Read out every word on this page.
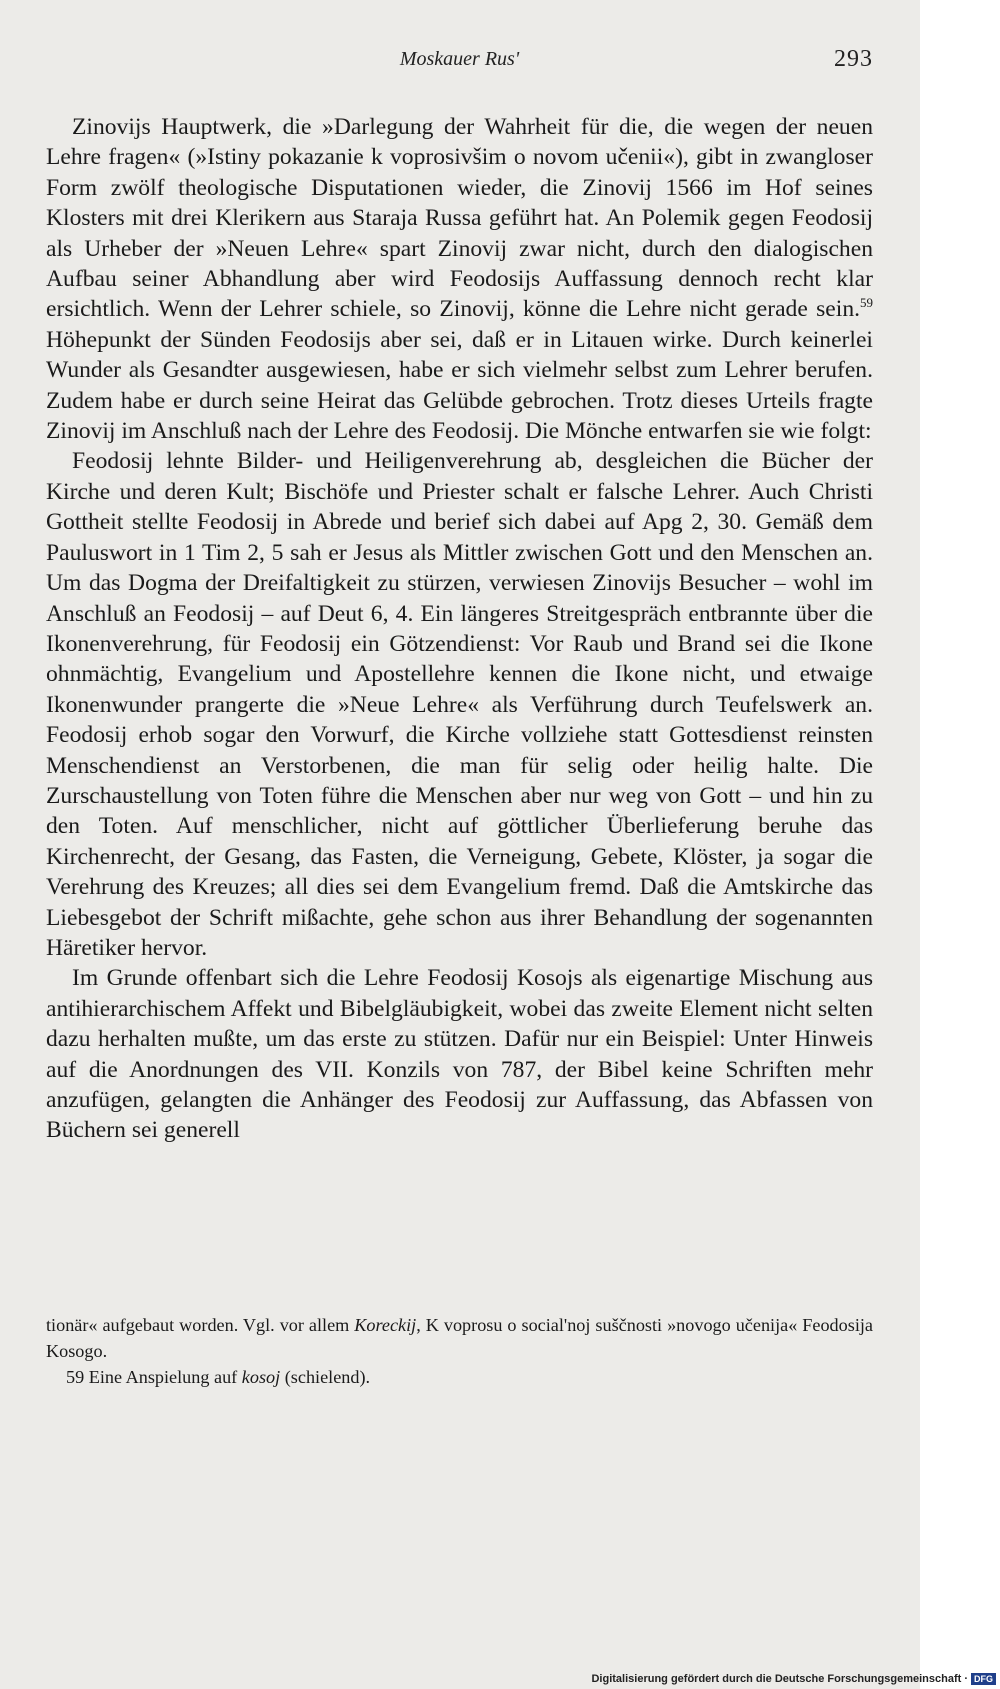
Moskauer Rus'	293

Zinovijs Hauptwerk, die »Darlegung der Wahrheit für die, die wegen der neuen Lehre fragen« (»Istiny pokazanie k voprosivšim o novom učenii«), gibt in zwangloser Form zwölf theologische Disputationen wieder, die Zinovij 1566 im Hof seines Klosters mit drei Klerikern aus Staraja Russa geführt hat. An Polemik gegen Feodosij als Urheber der »Neuen Lehre« spart Zinovij zwar nicht, durch den dialogischen Aufbau seiner Abhandlung aber wird Feodosijs Auffassung dennoch recht klar ersichtlich. Wenn der Lehrer schiele, so Zinovij, könne die Lehre nicht gerade sein.$^{59}$ Höhepunkt der Sünden Feodosijs aber sei, daß er in Litauen wirke. Durch keinerlei Wunder als Gesandter ausgewiesen, habe er sich vielmehr selbst zum Lehrer berufen. Zudem habe er durch seine Heirat das Gelübde gebrochen. Trotz dieses Urteils fragte Zinovij im Anschluß nach der Lehre des Feodosij. Die Mönche entwarfen sie wie folgt:

Feodosij lehnte Bilder- und Heiligenverehrung ab, desgleichen die Bücher der Kirche und deren Kult; Bischöfe und Priester schalt er falsche Lehrer. Auch Christi Gottheit stellte Feodosij in Abrede und berief sich dabei auf Apg 2, 30. Gemäß dem Pauluswort in 1 Tim 2, 5 sah er Jesus als Mittler zwischen Gott und den Menschen an. Um das Dogma der Dreifaltigkeit zu stürzen, verwiesen Zinovijs Besucher – wohl im Anschluß an Feodosij – auf Deut 6, 4. Ein längeres Streitgespräch entbrannte über die Ikonenverehrung, für Feodosij ein Götzendienst: Vor Raub und Brand sei die Ikone ohnmächtig, Evangelium und Apostellehre kennen die Ikone nicht, und etwaige Ikonenwunder prangerte die »Neue Lehre« als Verführung durch Teufelswerk an. Feodosij erhob sogar den Vorwurf, die Kirche vollziehe statt Gottesdienst reinsten Menschendienst an Verstorbenen, die man für selig oder heilig halte. Die Zurschaustellung von Toten führe die Menschen aber nur weg von Gott – und hin zu den Toten. Auf menschlicher, nicht auf göttlicher Überlieferung beruhe das Kirchenrecht, der Gesang, das Fasten, die Verneigung, Gebete, Klöster, ja sogar die Verehrung des Kreuzes; all dies sei dem Evangelium fremd. Daß die Amtskirche das Liebesgebot der Schrift mißachte, gehe schon aus ihrer Behandlung der sogenannten Häretiker hervor.

Im Grunde offenbart sich die Lehre Feodosij Kosojs als eigenartige Mischung aus antihierarchischem Affekt und Bibelgläubigkeit, wobei das zweite Element nicht selten dazu herhalten mußte, um das erste zu stützen. Dafür nur ein Beispiel: Unter Hinweis auf die Anordnungen des VII. Konzils von 787, der Bibel keine Schriften mehr anzufügen, gelangten die Anhänger des Feodosij zur Auffassung, das Abfassen von Büchern sei generell

tionär« aufgebaut worden. Vgl. vor allem Koreckij, K voprosu o social'noj suščnosti »novogo učenija« Feodosija Kosogo.

59 Eine Anspielung auf kosoj (schielend).

Digitalisierung gefördert durch die Deutsche Forschungsgemeinschaft · DFG
